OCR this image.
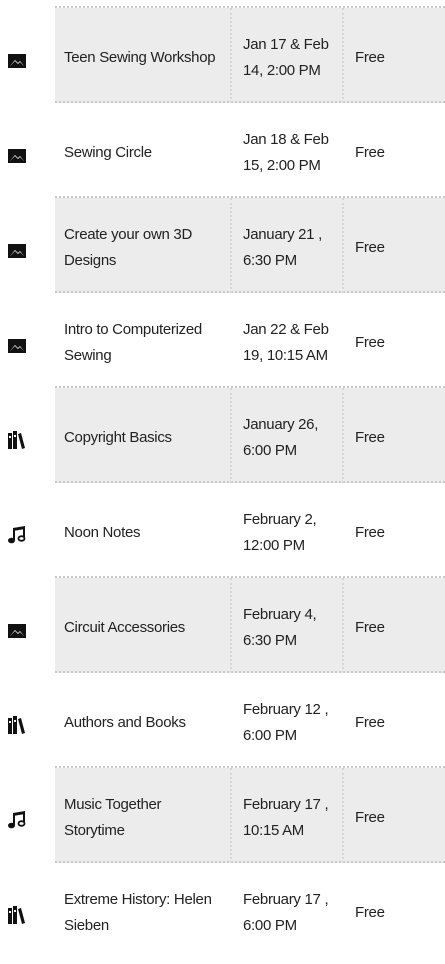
Teen Sewing Workshop
Jan 17 & Feb
14, 2:00 PM
Free
Sewing Circle
Jan 18 & Feb
15, 2:00 PM
Free
Create your own 3D
Designs
January 21 ,
6:30 PM
Free
Intro to Computerized
Sewing
Jan 22 & Feb
19, 10:15 AM
Free
Copyright Basics
January 26,
6:00 PM
Free
Noon Notes
February 2,
12:00 PM
Free
Circuit Accessories
February 4,
6:30 PM
Free
Authors and Books
February 12 ,
6:00 PM
Free
Music Together
Storytime
February 17 ,
10:15 AM
Free
Extreme History: Helen
Sieben
February 17 ,
6:00 PM
Free
